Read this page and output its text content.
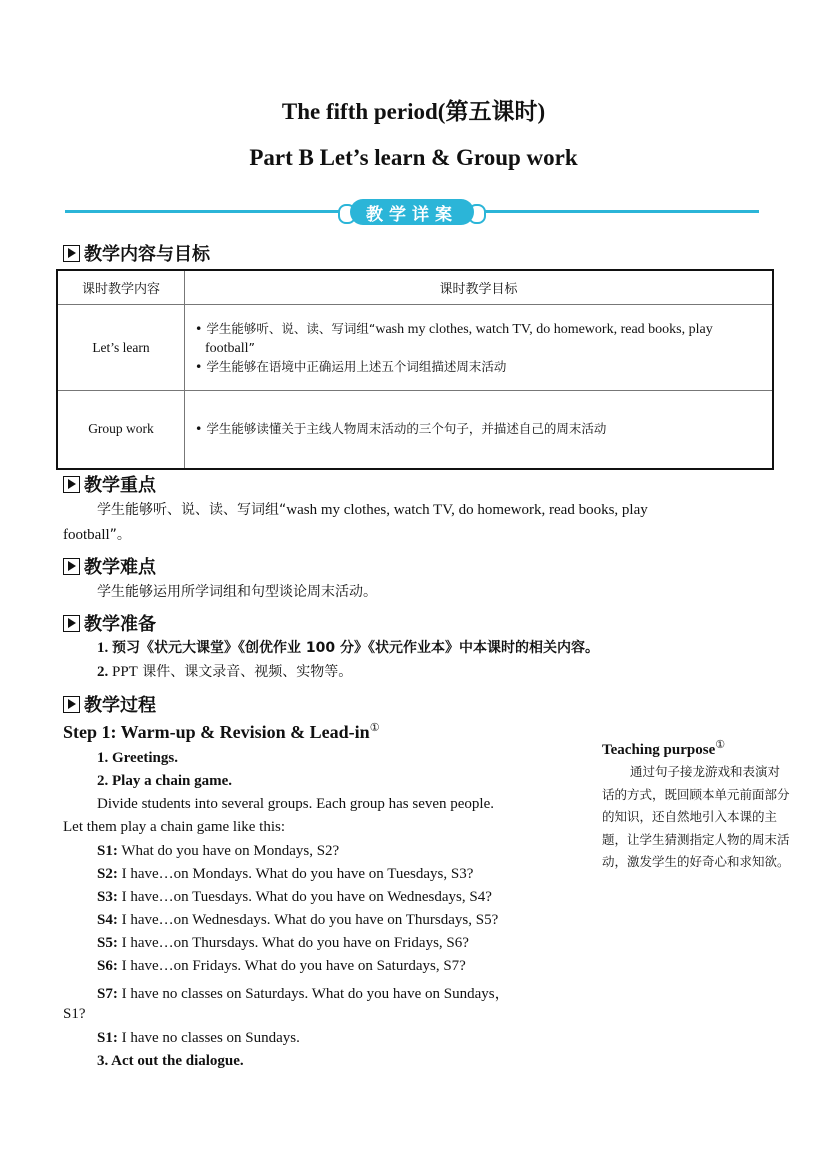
The fifth period(第五课时)
Part B Let’s learn & Group work
教学详案
教学内容与目标
课时教学内容	课时教学目标
Let’s learn	• 学生能够听、说、读、写词组“wash my clothes, watch TV, do homework, read books, play football”
• 学生能够在语境中正确运用上述五个词组描述周末活动

Group work	• 学生能够读懂关于主线人物周末活动的三个句子，并描述自己的周末活动
教学重点
学生能够听、说、读、写词组“wash my clothes, watch TV, do homework, read books, play
football”。
教学难点
学生能够运用所学词组和句型谈论周末活动。
教学准备
1. 预习《状元大课堂》《创优作业 100 分》《状元作业本》中本课时的相关内容。
2. PPT 课件、课文录音、视频、实物等。
教学过程
Step 1: Warm-up & Revision & Lead-in①
1. Greetings.
2. Play a chain game.
Divide students into several groups. Each group has seven people.
Let them play a chain game like this:
S1: What do you have on Mondays, S2?
S2: I have…on Mondays. What do you have on Tuesdays, S3?
S3: I have…on Tuesdays. What do you have on Wednesdays, S4?
S4: I have…on Wednesdays. What do you have on Thursdays, S5?
S5: I have…on Thursdays. What do you have on Fridays, S6?
S6: I have…on Fridays. What do you have on Saturdays, S7?
S7: I have no classes on Saturdays. What do you have on Sundays，
S1?
S1: I have no classes on Sundays.
3. Act out the dialogue.
Teaching purpose①
通过句子接龙游戏和表演对话的方式，既回顾本单元前面部分的知识，还自然地引入本课的主题，让学生猜测指定人物的周末活动，激发学生的好奇心和求知欲。
